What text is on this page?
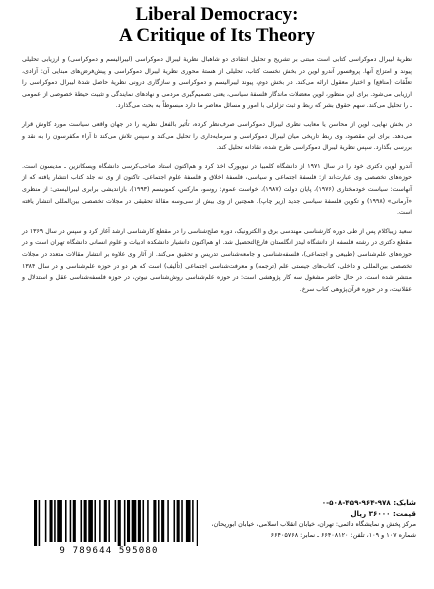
Liberal Democracy:
A Critique of Its Theory

نظریهٔ لیبرال دموکراسی کتابی است مبتنی بر تشریح و تحلیل انتقادی دو شاهبال نظریهٔ لیبرال دموکراسی (لیبرالیسم و دموکراسی) و ارزیابی تحلیلی پیوند و امتزاج آنها. پروفسور آندرو لوین در بخش نخست کتاب، تحلیلی از هستهٔ محوری نظریهٔ لیبرال دموکراسی و پیش‌فرض‌های مبنایی آن: آزادی، تعلّقات (منافع) و اختیار معقول ارائه می‌کند. در بخش دوم، پیوند لیبرالیسم و دموکراسی و سازگاری درونی نظریهٔ حاصل شدهٔ لیبرال دموکراسی را ارزیابی می‌شود. برای این منظور، لوین معضلات ماندگار فلسفهٔ سیاسی، یعنی تصمیم‌گیری مردمی و نهادهای نمایندگی و تثبیت حیطهٔ خصوصی از عمومی ـ را تحلیل می‌کند. سهم حقوق بشر که ربط و ثبت تزلزلی با امور و مسائل معاصر ما دارد مبسوطاً به بحث می‌گذارد.

در بخش نهایی، لوین از محاسن یا معایب نظری لیبرال دموکراسی صرف‌نظر کرده، تأثیر بالفعل نظریه را در جهان واقعی سیاست مورد کاوش قرار می‌دهد. برای این مقصود، وی ربط تاریخی میان لیبرال دموکراسی و سرمایه‌داری را تحلیل می‌کند و سپس تلاش می‌کند تا آراء مکفرسون را به نقد و بررسی بگذارد. سپس نظریهٔ لیبرال دموکراسی طرح شده، نقادانه تحلیل کند.

آندرو لوین دکتری خود را در سال ۱۹۷۱ از دانشگاه کلمبیا در نیویورک اخذ کرد و هم‌اکنون استاد صاحب‌کرسی دانشگاه ویسکانزین ـ مدیسون است. حوزه‌های تخصصی وی عبارت‌اند از: فلسفهٔ اجتماعی و سیاسی، فلسفهٔ اخلاق و فلسفهٔ علوم اجتماعی. تاکنون از وی نه جلد کتاب انتشار یافته که از آنهاست: سیاست خودمختاری (۱۹۷۶)، پایان دولت (۱۹۸۷)، خواست عموم: روسو، مارکس، کمونیسم (۱۹۹۳)، بازاندیشی برابری لیبرالیستی: از منظری «آرمانی» (۱۹۹۸) و تکوین فلسفهٔ سیاسی جدید (زیر چاپ). همچنین از وی بیش از سی‌وسه مقالهٔ تحقیقی در مجلات تخصصی بین‌المللی انتشار یافته است.

سعید زیباکلام پس از طی دوره کارشناسی مهندسی برق و الکترونیک، دوره صلح‌شناسی را در مقطع کارشناسی ارشد آغاز کرد و سپس در سال ۱۳۶۹ در مقطع دکتری در رشته فلسفه از دانشگاه لیدز انگلستان فارغ‌التحصیل شد. او هم‌اکنون دانشیار دانشکده ادبیات و علوم انسانی دانشگاه تهران است و در حوزه‌های علم‌شناسی (طبیعی و اجتماعی)، فلسفه‌شناسی و جامعه‌شناسی تدریس و تحقیق می‌کند. از آثار وی علاوه بر انتشار مقالات متعدد در مجلات تخصصی بین‌المللی و داخلی، کتاب‌های جیستی علم (ترجمه) و معرفت‌شناسی اجتماعی (تألیف) است که هر دو در حوزه علم‌شناسی و در سال ۱۳۸۴ منتشر شده است. در حال حاضر مشغول سه کار پژوهشی است: در حوزه علم‌شناسی روش‌شناسی نیوتن، در حوزه فلسفه‌شناسی عقل و استدلال و عقلانیت، و در حوزه قرآن‌پژوهی کتاب سرخ.

9 789644 595080
شابک: ۹۷۸-۹۶۴-۴۵۹-۵۰۸-۰
قیمت: ۳۶۰۰۰ ریال
مرکز پخش و نمایشگاه دائمی: تهران، خیابان انقلاب اسلامی، خیابان ابوریحان،
شماره ۱۰۷ و ۱۰۹، تلفن: ۶۶۴۰۸۱۲۰ ـ نمابر: ۶۶۴۰۵۷۶۸
